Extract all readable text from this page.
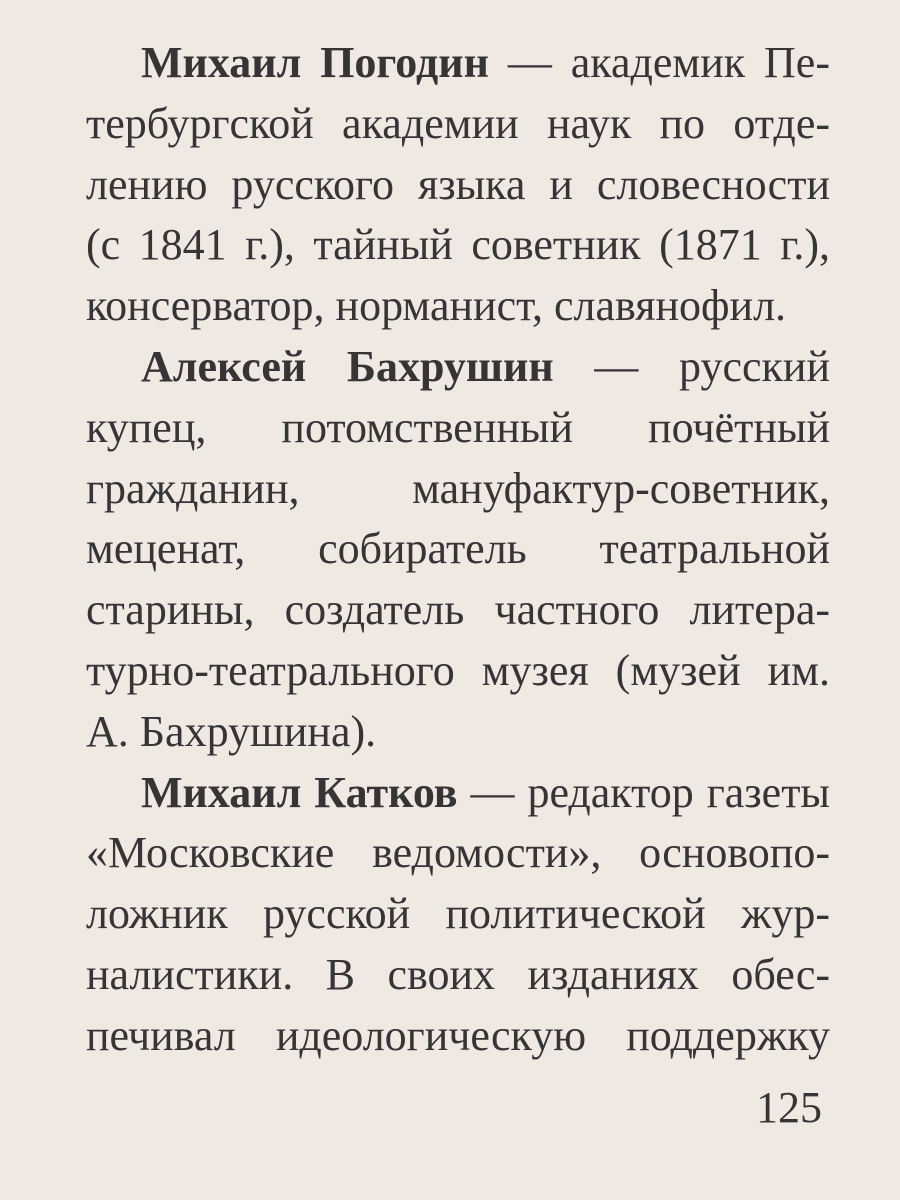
Михаил Погодин — академик Пе-
тербургской академии наук по отде-
лению русского языка и словесности
(с 1841 г.), тайный советник (1871 г.),
консерватор, норманист, славянофил.
Алексей Бахрушин — русский
купец, потомственный почётный
гражданин, мануфактур-советник,
меценат, собиратель театральной
старины, создатель частного литера-
турно-театрального музея (музей им.
А. Бахрушина).
Михаил Катков — редактор газеты
«Московские ведомости», основопо-
ложник русской политической жур-
налистики. В своих изданиях обес-
печивал идеологическую поддержку
125
